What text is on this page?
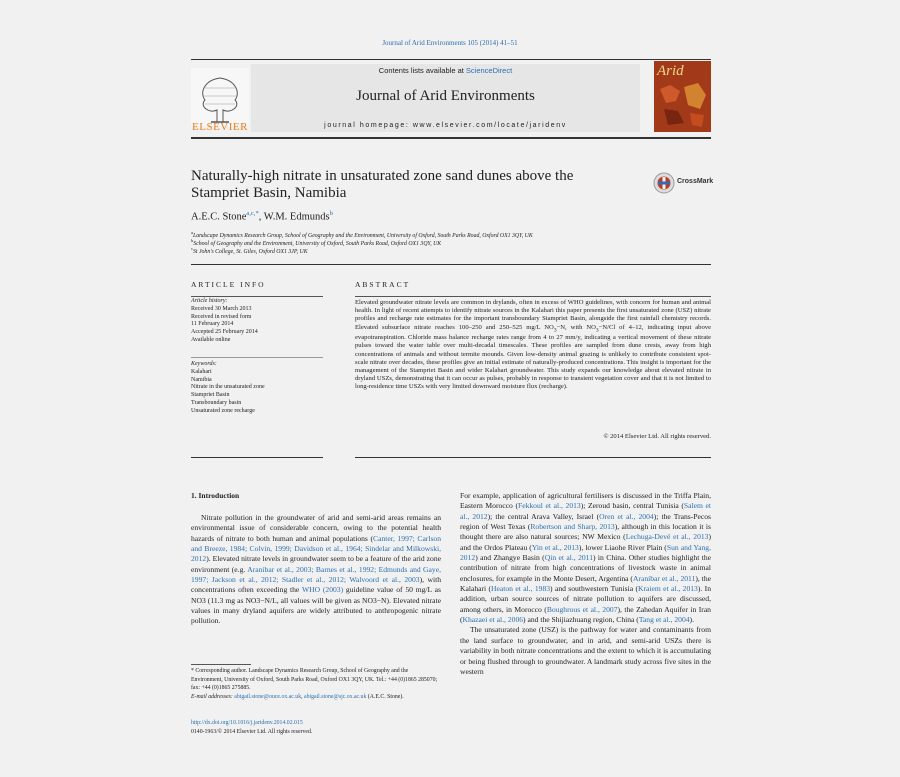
Journal of Arid Environments 105 (2014) 41–51
ELSEVIER
Contents lists available at ScienceDirect
Journal of Arid Environments
journal homepage: www.elsevier.com/locate/jaridenv
Arid
Naturally-high nitrate in unsaturated zone sand dunes above the Stampriet Basin, Namibia
CrossMark
A.E.C. Stone$^{a,c,*}$, W.M. Edmunds$^b$
$^a$Landscape Dynamics Research Group, School of Geography and the Environment, University of Oxford, South Parks Road, Oxford OX1 3QY, UK
$^b$School of Geography and the Environment, University of Oxford, South Parks Road, Oxford OX1 3QY, UK
$^c$St John's College, St. Giles, Oxford OX1 3JP, UK
ARTICLE INFO
Article history:
Received 30 March 2013
Received in revised form
11 February 2014
Accepted 25 February 2014
Available online
Keywords:
Kalahari
Namibia
Nitrate in the unsaturated zone
Stampriet Basin
Transboundary basin
Unsaturated zone recharge
ABSTRACT
Elevated groundwater nitrate levels are common in drylands, often in excess of WHO guidelines, with concern for human and animal health. In light of recent attempts to identify nitrate sources in the Kalahari this paper presents the first unsaturated zone (USZ) nitrate profiles and recharge rate estimates for the important transboundary Stampriet Basin, alongside the first rainfall chemistry records. Elevated subsurface nitrate reaches 100–250 and 250–525 mg/L $NO_3-N$, with $NO_3-N/Cl$ of 4–12, indicating input above evapotranspiration. Chloride mass balance recharge rates range from 4 to 27 mm/y, indicating a vertical movement of these nitrate pulses toward the water table over multi-decadal timescales. These profiles are sampled from dune crests, away from high concentrations of animals and without termite mounds. Given low-density animal grazing is unlikely to contribute consistent spot-scale nitrate over decades, these profiles give an initial estimate of naturally-produced concentrations. This insight is important for the management of the Stampriet Basin and wider Kalahari groundwater. This study expands our knowledge about elevated nitrate in dryland USZs, demonstrating that it can occur as pulses, probably in response to transient vegetation cover and that it is not limited to long-residence time USZs with very limited downward moisture flux (recharge).
© 2014 Elsevier Ltd. All rights reserved.
1. Introduction

Nitrate pollution in the groundwater of arid and semi-arid areas remains an environmental issue of considerable concern, owing to the potential health hazards of nitrate to both human and animal populations (Canter, 1997; Carlson and Breeze, 1984; Colvin, 1999; Davidson et al., 1964; Sindelar and Milkowski, 2012). Elevated nitrate levels in groundwater seem to be a feature of the arid zone environment (e.g. Aranibar et al., 2003; Barnes et al., 1992; Edmunds and Gaye, 1997; Jackson et al., 2012; Stadler et al., 2012; Walvoord et al., 2003), with concentrations often exceeding the WHO (2003) guideline value of 50 mg/L as NO3 (11.3 mg as NO3−N/L, all values will be given as NO3−N). Elevated nitrate values in many dryland aquifers are widely attributed to anthropogenic nitrate pollution.

For example, application of agricultural fertilisers is discussed in the Triffa Plain, Eastern Morocco (Fekkoul et al., 2013); Zeroud basin, central Tunisia (Salem et al., 2012); the central Arava Valley, Israel (Oren et al., 2004); the Trans-Pecos region of West Texas (Robertson and Sharp, 2013), although in this location it is thought there are also natural sources; NW Mexico (Lechuga-Devé et al., 2013) and the Ordos Plateau (Yin et al., 2013), lower Liaohe River Plain (Sun and Yang, 2012) and Zhangye Basin (Qin et al., 2011) in China. Other studies highlight the contribution of nitrate from high concentrations of livestock waste in animal enclosures, for example in the Monte Desert, Argentina (Aranibar et al., 2011), the Kalahari (Heaton et al., 1983) and southwestern Tunisia (Kraiem et al., 2013). In addition, urban source sources of nitrate pollution to aquifers are discussed, among others, in Morocco (Boughrous et al., 2007), the Zahedan Aquifer in Iran (Khazaei et al., 2006) and the Shijiazhuang region, China (Tang et al., 2004).

The unsaturated zone (USZ) is the pathway for water and contaminants from the land surface to groundwater, and in arid, and semi-arid USZs there is variability in both nitrate concentrations and the extent to which it is accumulating or being flushed through to groundwater. A landmark study across five sites in the western

* Corresponding author. Landscape Dynamics Research Group, School of Geography and the Environment, University of Oxford, South Parks Road, Oxford OX1 3QY, UK. Tel.: +44 (0)1865 285070; fax: +44 (0)1865 275885.
E-mail addresses: abigail.stone@ouce.ox.ac.uk, abigail.stone@sjc.ox.ac.uk (A.E.C. Stone).
http://dx.doi.org/10.1016/j.jaridenv.2014.02.015
0140-1963/© 2014 Elsevier Ltd. All rights reserved.
